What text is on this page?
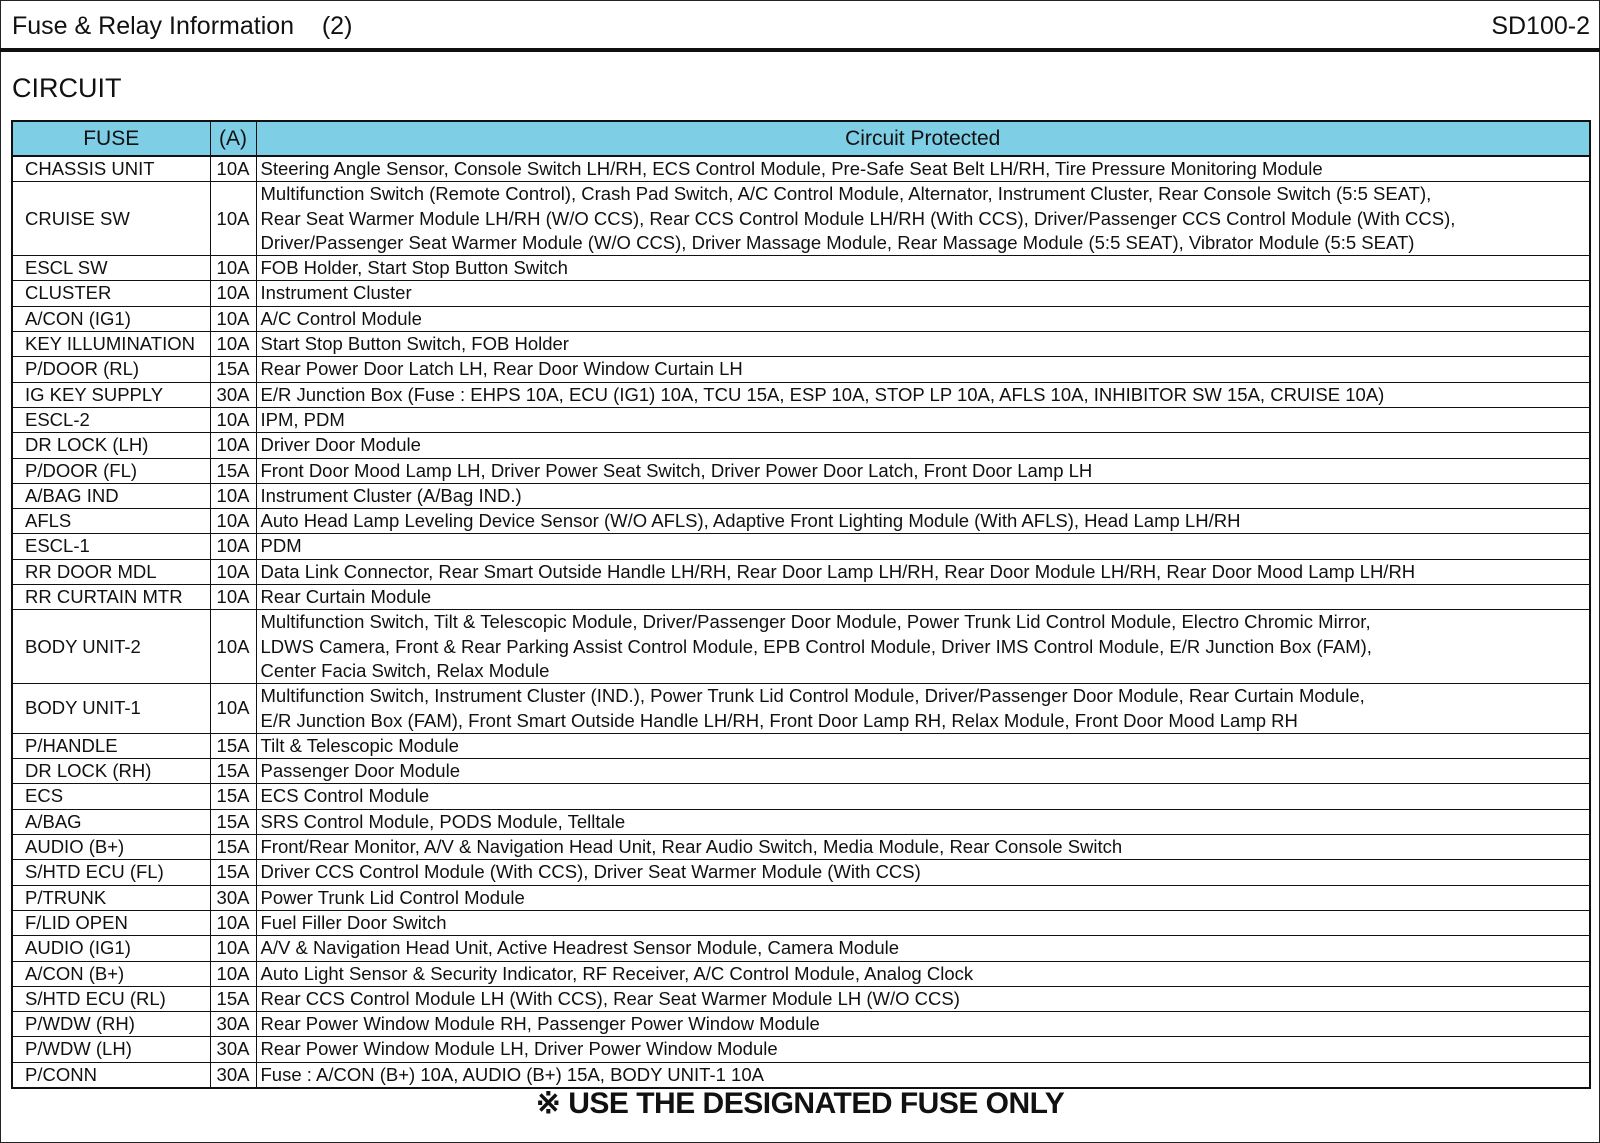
Fuse & Relay Information    (2)	SD100-2
CIRCUIT
FUSE	(A)	Circuit Protected
CHASSIS UNIT	10A	Steering Angle Sensor, Console Switch LH/RH, ECS Control Module, Pre-Safe Seat Belt LH/RH, Tire Pressure Monitoring Module
CRUISE SW	10A	Multifunction Switch (Remote Control), Crash Pad Switch, A/C Control Module, Alternator, Instrument Cluster, Rear Console Switch (5:5 SEAT),
Rear Seat Warmer Module LH/RH (W/O CCS), Rear CCS Control Module LH/RH (With CCS), Driver/Passenger CCS Control Module (With CCS),
Driver/Passenger Seat Warmer Module (W/O CCS), Driver Massage Module, Rear Massage Module (5:5 SEAT), Vibrator Module (5:5 SEAT)
ESCL SW	10A	FOB Holder, Start Stop Button Switch
CLUSTER	10A	Instrument Cluster
A/CON (IG1)	10A	A/C Control Module
KEY ILLUMINATION	10A	Start Stop Button Switch, FOB Holder
P/DOOR (RL)	15A	Rear Power Door Latch LH, Rear Door Window Curtain LH
IG KEY SUPPLY	30A	E/R Junction Box (Fuse : EHPS 10A, ECU (IG1) 10A, TCU 15A, ESP 10A, STOP LP 10A, AFLS 10A, INHIBITOR SW 15A, CRUISE 10A)
ESCL-2	10A	IPM, PDM
DR LOCK (LH)	10A	Driver Door Module
P/DOOR (FL)	15A	Front Door Mood Lamp LH, Driver Power Seat Switch, Driver Power Door Latch, Front Door Lamp LH
A/BAG IND	10A	Instrument Cluster (A/Bag IND.)
AFLS	10A	Auto Head Lamp Leveling Device Sensor (W/O AFLS), Adaptive Front Lighting Module (With AFLS), Head Lamp LH/RH
ESCL-1	10A	PDM
RR DOOR MDL	10A	Data Link Connector, Rear Smart Outside Handle LH/RH, Rear Door Lamp LH/RH, Rear Door Module LH/RH, Rear Door Mood Lamp LH/RH
RR CURTAIN MTR	10A	Rear Curtain Module
BODY UNIT-2	10A	Multifunction Switch, Tilt & Telescopic Module, Driver/Passenger Door Module, Power Trunk Lid Control Module, Electro Chromic Mirror,
LDWS Camera, Front & Rear Parking Assist Control Module, EPB Control Module, Driver IMS Control Module, E/R Junction Box (FAM),
Center Facia Switch, Relax Module
BODY UNIT-1	10A	Multifunction Switch, Instrument Cluster (IND.), Power Trunk Lid Control Module, Driver/Passenger Door Module, Rear Curtain Module,
E/R Junction Box (FAM), Front Smart Outside Handle LH/RH, Front Door Lamp RH, Relax Module, Front Door Mood Lamp RH
P/HANDLE	15A	Tilt & Telescopic Module
DR LOCK (RH)	15A	Passenger Door Module
ECS	15A	ECS Control Module
A/BAG	15A	SRS Control Module, PODS Module, Telltale
AUDIO (B+)	15A	Front/Rear Monitor, A/V & Navigation Head Unit, Rear Audio Switch, Media Module, Rear Console Switch
S/HTD ECU (FL)	15A	Driver CCS Control Module (With CCS), Driver Seat Warmer Module (With CCS)
P/TRUNK	30A	Power Trunk Lid Control Module
F/LID OPEN	10A	Fuel Filler Door Switch
AUDIO (IG1)	10A	A/V & Navigation Head Unit, Active Headrest Sensor Module, Camera Module
A/CON (B+)	10A	Auto Light Sensor & Security Indicator, RF Receiver, A/C Control Module, Analog Clock
S/HTD ECU (RL)	15A	Rear CCS Control Module LH (With CCS), Rear Seat Warmer Module LH (W/O CCS)
P/WDW (RH)	30A	Rear Power Window Module RH, Passenger Power Window Module
P/WDW (LH)	30A	Rear Power Window Module LH, Driver Power Window Module
P/CONN	30A	Fuse : A/CON (B+) 10A, AUDIO (B+) 15A, BODY UNIT-1 10A
※ USE THE DESIGNATED FUSE ONLY
